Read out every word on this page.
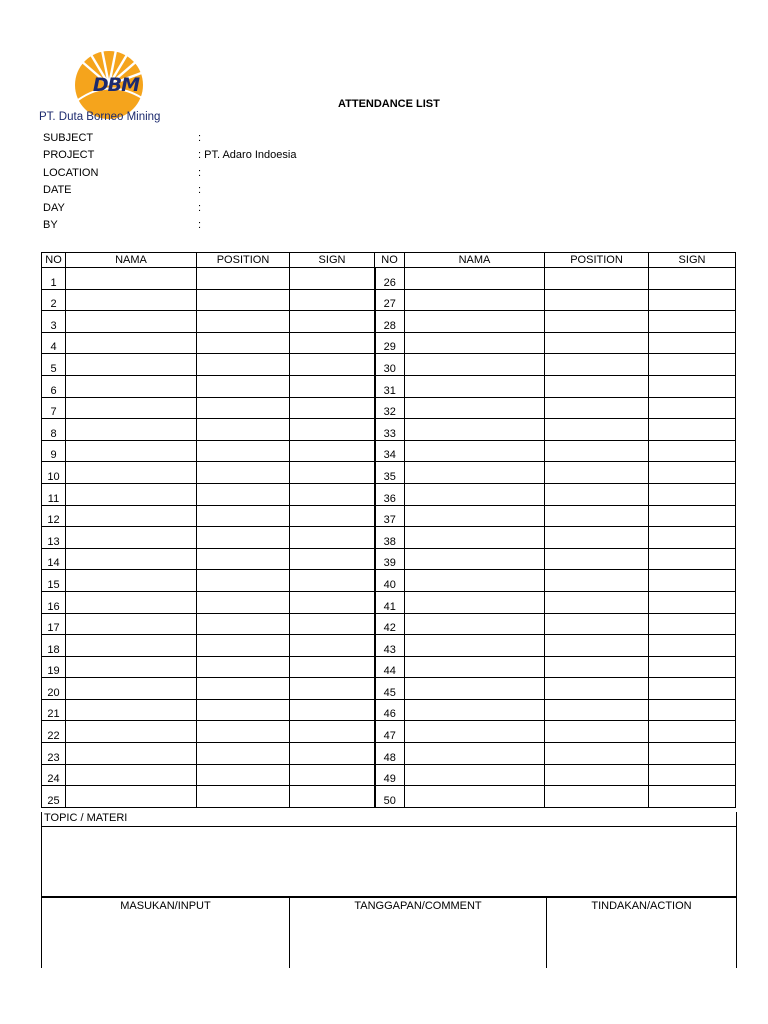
DBM
PT. Duta Borneo Mining
ATTENDANCE LIST
SUBJECT	:
PROJECT	: PT. Adaro Indoesia
LOCATION	:
DATE	:
DAY	:
BY	:
NO	NAMA	POSITION	SIGN	NO	NAMA	POSITION	SIGN
1				26			
2				27			
3				28			
4				29			
5				30			
6				31			
7				32			
8				33			
9				34			
10				35			
11				36			
12				37			
13				38			
14				39			
15				40			
16				41			
17				42			
18				43			
19				44			
20				45			
21				46			
22				47			
23				48			
24				49			
25				50			
TOPIC / MATERI
MASUKAN/INPUT	TANGGAPAN/COMMENT	TINDAKAN/ACTION
